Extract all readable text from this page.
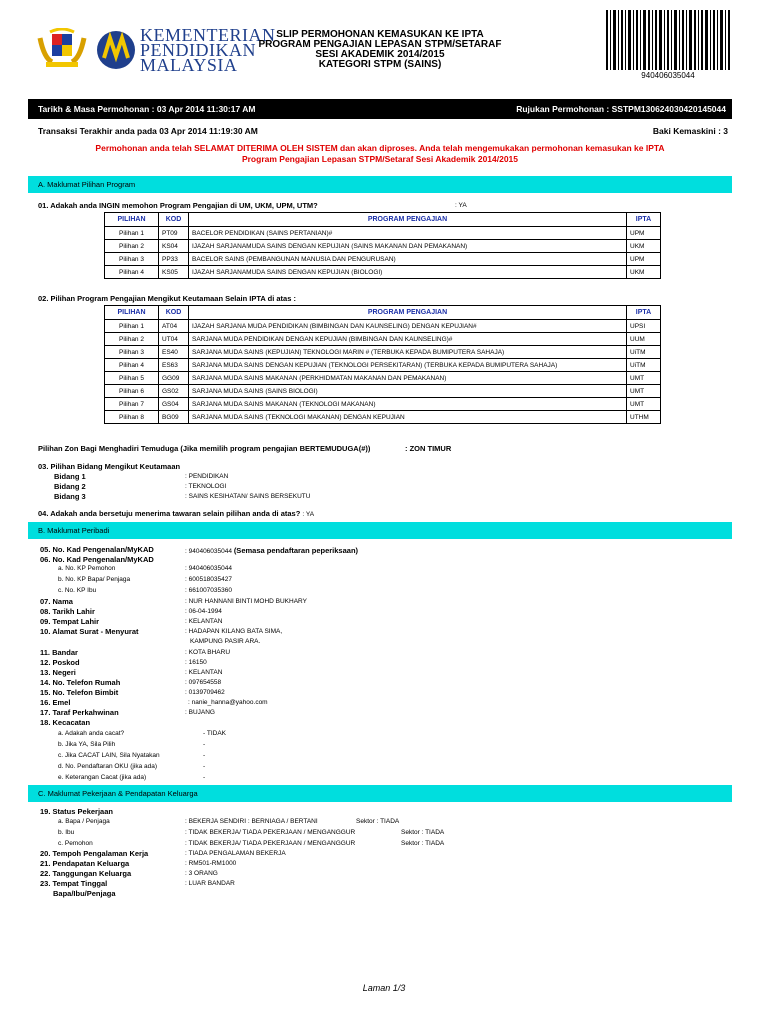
KEMENTERIAN
PENDIDIKAN
MALAYSIA
SLIP PERMOHONAN KEMASUKAN KE IPTA
PROGRAM PENGAJIAN LEPASAN STPM/SETARAF
SESI AKADEMIK 2014/2015
KATEGORI STPM (SAINS)
940406035044
Tarikh & Masa Permohonan : 03 Apr 2014 11:30:17 AM	Rujukan Permohonan : SSTPM130624030420145044
Transaksi Terakhir anda pada 03 Apr 2014 11:19:30 AM	Baki Kemaskini : 3
Permohonan anda telah SELAMAT DITERIMA OLEH SISTEM dan akan diproses. Anda telah mengemukakan permohonan kemasukan ke IPTA
Program Pengajian Lepasan STPM/Setaraf Sesi Akademik 2014/2015
A. Maklumat Pilihan Program
01. Adakah anda INGIN memohon Program Pengajian di UM, UKM, UPM, UTM?	: YA
PILIHAN	KOD	PROGRAM PENGAJIAN	IPTA
Pilihan 1	PT09	BACELOR PENDIDIKAN (SAINS PERTANIAN)#	UPM
Pilihan 2	KS04	IJAZAH SARJANAMUDA SAINS DENGAN KEPUJIAN (SAINS MAKANAN DAN PEMAKANAN)	UKM
Pilihan 3	PP33	BACELOR SAINS (PEMBANGUNAN MANUSIA DAN PENGURUSAN)	UPM
Pilihan 4	KS05	IJAZAH SARJANAMUDA SAINS DENGAN KEPUJIAN (BIOLOGI)	UKM
02. Pilihan Program Pengajian Mengikut Keutamaan Selain IPTA di atas :
PILIHAN	KOD	PROGRAM PENGAJIAN	IPTA
Pilihan 1	AT04	IJAZAH SARJANA MUDA PENDIDIKAN (BIMBINGAN DAN KAUNSELING) DENGAN KEPUJIAN#	UPSI
Pilihan 2	UT04	SARJANA MUDA PENDIDIKAN DENGAN KEPUJIAN (BIMBINGAN DAN KAUNSELING)#	UUM
Pilihan 3	ES40	SARJANA MUDA SAINS (KEPUJIAN) TEKNOLOGI MARIN # (TERBUKA KEPADA BUMIPUTERA SAHAJA)	UiTM
Pilihan 4	ES63	SARJANA MUDA SAINS DENGAN KEPUJIAN (TEKNOLOGI PERSEKITARAN) (TERBUKA KEPADA BUMIPUTERA SAHAJA)	UiTM
Pilihan 5	GG09	SARJANA MUDA SAINS MAKANAN (PERKHIDMATAN MAKANAN DAN PEMAKANAN)	UMT
Pilihan 6	GS02	SARJANA MUDA SAINS (SAINS BIOLOGI)	UMT
Pilihan 7	GS04	SARJANA MUDA SAINS MAKANAN (TEKNOLOGI MAKANAN)	UMT
Pilihan 8	BG09	SARJANA MUDA SAINS (TEKNOLOGI MAKANAN) DENGAN KEPUJIAN	UTHM
Pilihan Zon Bagi Menghadiri Temuduga (Jika memilih program pengajian BERTEMUDUGA(#))	: ZON TIMUR
03. Pilihan Bidang Mengikut Keutamaan
Bidang 1	: PENDIDIKAN
Bidang 2	: TEKNOLOGI
Bidang 3	: SAINS KESIHATAN/ SAINS BERSEKUTU
04. Adakah anda bersetuju menerima tawaran selain pilihan anda di atas? : YA
B. Maklumat Peribadi
05. No. Kad Pengenalan/MyKAD	: 940406035044 (Semasa pendaftaran peperiksaan)
06. No. Kad Pengenalan/MyKAD
a. No. KP Pemohon	: 940406035044
b. No. KP Bapa/ Penjaga	: 600518035427
c. No. KP Ibu	: 661007035360
07. Nama	: NUR HANNANI BINTI MOHD BUKHARY
08. Tarikh Lahir	: 06-04-1994
09. Tempat Lahir	: KELANTAN
10. Alamat Surat - Menyurat	: HADAPAN KILANG BATA SIMA,
KAMPUNG PASIR ARA.
11. Bandar	: KOTA BHARU
12. Poskod	: 16150
13. Negeri	: KELANTAN
14. No. Telefon Rumah	: 097654558
15. No. Telefon Bimbit	: 0139709462
16. Emel	: nanie_hanna@yahoo.com
17. Taraf Perkahwinan	: BUJANG
18. Kecacatan
a. Adakah anda cacat?	- TIDAK
b. Jika YA, Sila Pilih	-
c. Jika CACAT LAIN, Sila Nyatakan	-
d. No. Pendaftaran OKU (jika ada)	-
e. Keterangan Cacat (jika ada)	-
C. Maklumat Pekerjaan & Pendapatan Keluarga
19. Status Pekerjaan
a. Bapa / Penjaga	: BEKERJA SENDIRI : BERNIAGA / BERTANI	Sektor : TIADA
b. Ibu	: TIDAK BEKERJA/ TIADA PEKERJAAN / MENGANGGUR	Sektor : TIADA
c. Pemohon	: TIDAK BEKERJA/ TIADA PEKERJAAN / MENGANGGUR	Sektor : TIADA
20. Tempoh Pengalaman Kerja	: TIADA PENGALAMAN BEKERJA
21. Pendapatan Keluarga	: RM501-RM1000
22. Tanggungan Keluarga	: 3 ORANG
23. Tempat Tinggal	: LUAR BANDAR
Bapa/Ibu/Penjaga
Laman 1/3
